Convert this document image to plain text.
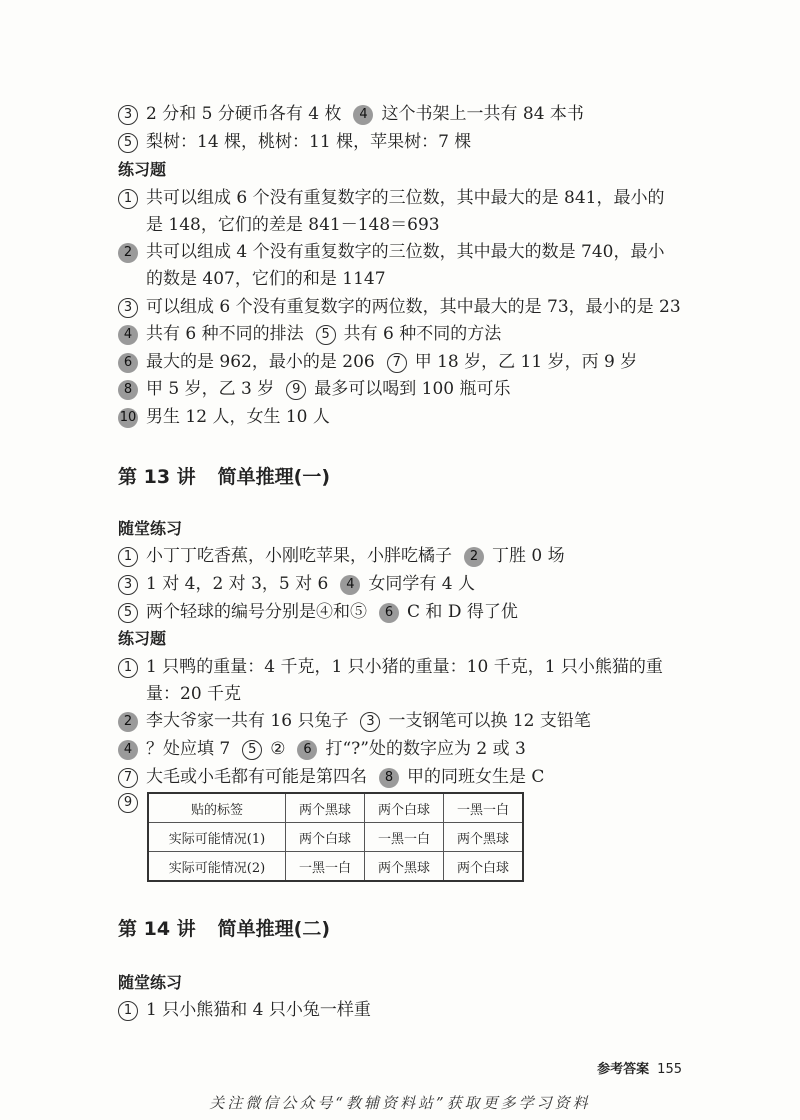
3 2 分和 5 分硬币各有 4 枚 4 这个书架上一共有 84 本书
5 梨树：14 棵，桃树：11 棵，苹果树：7 棵
练习题
1 共可以组成 6 个没有重复数字的三位数，其中最大的是 841，最小的
是 148，它们的差是 841－148＝693
2 共可以组成 4 个没有重复数字的三位数，其中最大的数是 740，最小
的数是 407，它们的和是 1147
3 可以组成 6 个没有重复数字的两位数，其中最大的是 73，最小的是 23
4 共有 6 种不同的排法 5 共有 6 种不同的方法
6 最大的是 962，最小的是 206 7 甲 18 岁，乙 11 岁，丙 9 岁
8 甲 5 岁，乙 3 岁 9 最多可以喝到 100 瓶可乐
10 男生 12 人，女生 10 人
第 13 讲 简单推理(一)
随堂练习
1 小丁丁吃香蕉，小刚吃苹果，小胖吃橘子 2 丁胜 0 场
3 1 对 4，2 对 3，5 对 6 4 女同学有 4 人
5 两个轻球的编号分别是④和⑤ 6 C 和 D 得了优
练习题
1 1 只鸭的重量：4 千克，1 只小猪的重量：10 千克，1 只小熊猫的重
量：20 千克
2 李大爷家一共有 16 只兔子 3 一支钢笔可以换 12 支铅笔
4 ？处应填 7 5 ② 6 打“?”处的数字应为 2 或 3
7 大毛或小毛都有可能是第四名 8 甲的同班女生是 C
9	贴的标签	两个黑球	两个白球	一黑一白
实际可能情况(1)	两个白球	一黑一白	两个黑球
实际可能情况(2)	一黑一白	两个黑球	两个白球
第 14 讲 简单推理(二)
随堂练习
1 1 只小熊猫和 4 只小兔一样重
参考答案 155
关注微信公众号“教辅资料站”获取更多学习资料
